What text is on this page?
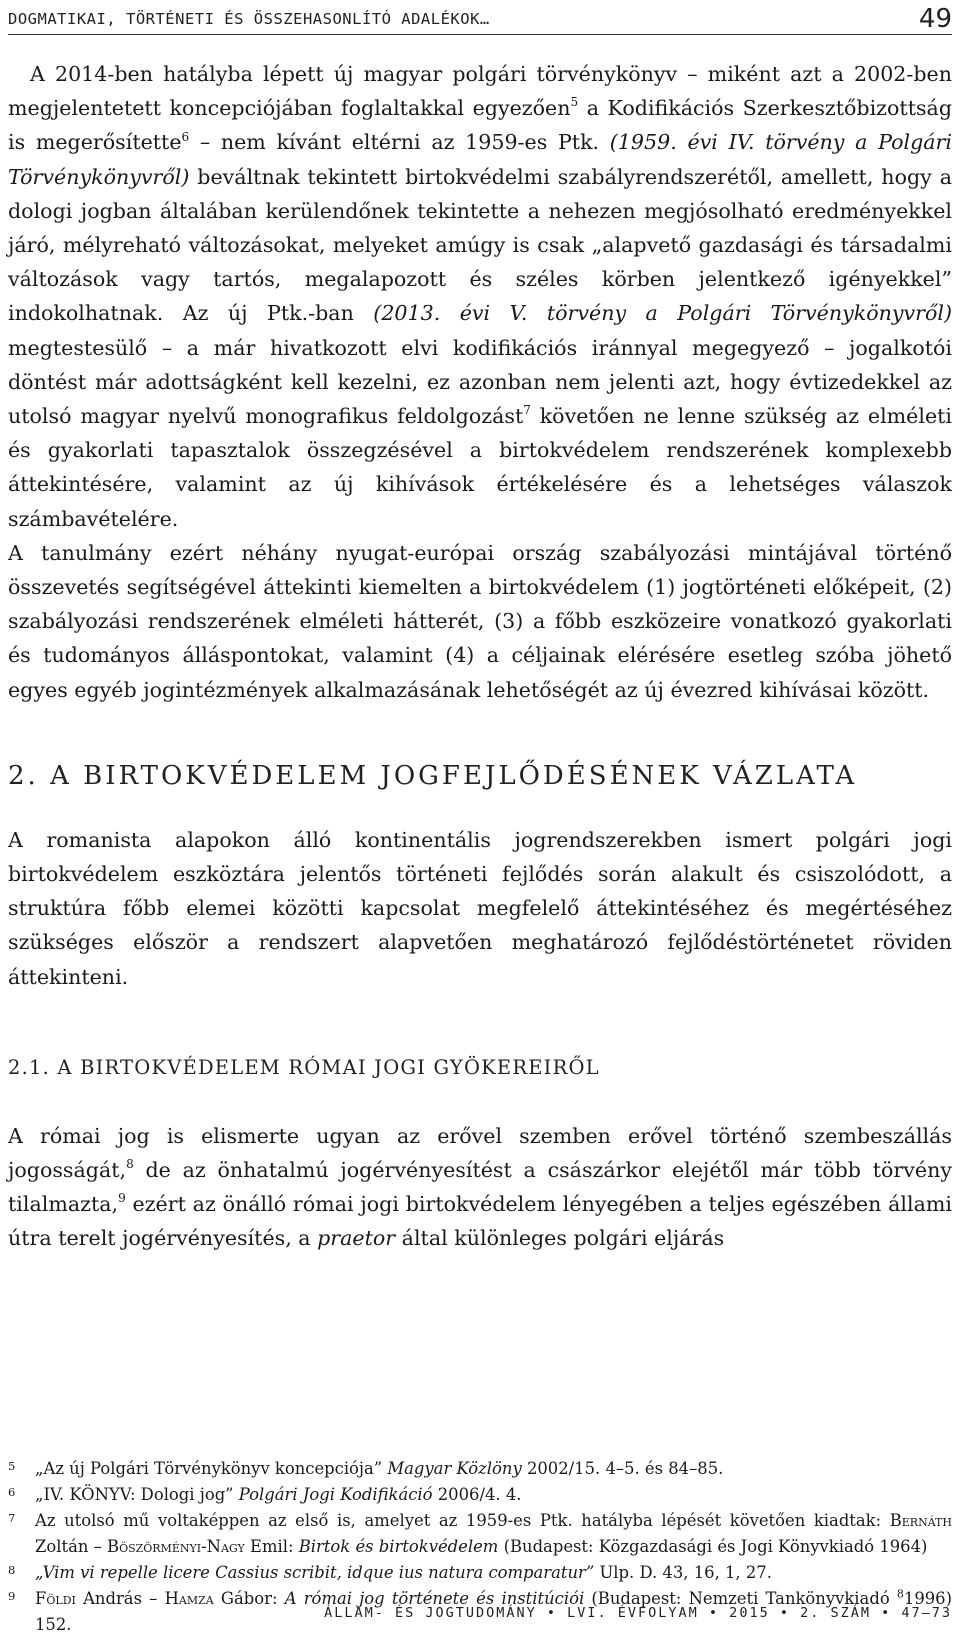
DOGMATIKAI, TÖRTÉNETI ÉS ÖSSZEHASONLÍTÓ ADALÉKOK…	49

A 2014-ben hatályba lépett új magyar polgári törvénykönyv – miként azt a 2002-ben megjelentetett koncepciójában foglaltakkal egyezően$^5$ a Kodifikációs Szerkesztőbizottság is megerősítette$^6$ – nem kívánt eltérni az 1959-es Ptk. (1959. évi IV. törvény a Polgári Törvénykönyvről) beváltnak tekintett birtokvédelmi szabályrendszerétől, amellett, hogy a dologi jogban általában kerülendőnek tekintette a nehezen megjósolható eredményekkel járó, mélyreható változásokat, melyeket amúgy is csak „alapvető gazdasági és társadalmi változások vagy tartós, megalapozott és széles körben jelentkező igényekkel” indokolhatnak. Az új Ptk.-ban (2013. évi V. törvény a Polgári Törvénykönyvről) megtestesülő – a már hivatkozott elvi kodifikációs iránnyal megegyező – jogalkotói döntést már adottságként kell kezelni, ez azonban nem jelenti azt, hogy évtizedekkel az utolsó magyar nyelvű monografikus feldolgozást$^7$ követően ne lenne szükség az elméleti és gyakorlati tapasztalok összegzésével a birtokvédelem rendszerének komplexebb áttekintésére, valamint az új kihívások értékelésére és a lehetséges válaszok számbavételére.

A tanulmány ezért néhány nyugat-európai ország szabályozási mintájával történő összevetés segítségével áttekinti kiemelten a birtokvédelem (1) jogtörténeti előképeit, (2) szabályozási rendszerének elméleti hátterét, (3) a főbb eszközeire vonatkozó gyakorlati és tudományos álláspontokat, valamint (4) a céljainak elérésére esetleg szóba jöhető egyes egyéb jogintézmények alkalmazásának lehetőségét az új évezred kihívásai között.

2. A BIRTOKVÉDELEM JOGFEJLŐDÉSÉNEK VÁZLATA

A romanista alapokon álló kontinentális jogrendszerekben ismert polgári jogi birtokvédelem eszköztára jelentős történeti fejlődés során alakult és csiszolódott, a struktúra főbb elemei közötti kapcsolat megfelelő áttekintéséhez és megértéséhez szükséges először a rendszert alapvetően meghatározó fejlődéstörténetet röviden áttekinteni.

2.1. A BIRTOKVÉDELEM RÓMAI JOGI GYÖKEREIRŐL

A római jog is elismerte ugyan az erővel szemben erővel történő szembeszállás jogosságát,$^8$ de az önhatalmú jogérvényesítést a császárkor elejétől már több törvény tilalmazta,$^9$ ezért az önálló római jogi birtokvédelem lényegében a teljes egészében állami útra terelt jogérvényesítés, a praetor által különleges polgári eljárás

5 „Az új Polgári Törvénykönyv koncepciója” Magyar Közlöny 2002/15. 4–5. és 84–85.
6 „IV. KÖNYV: Dologi jog” Polgári Jogi Kodifikáció 2006/4. 4.
7 Az utolsó mű voltaképpen az első is, amelyet az 1959-es Ptk. hatályba lépését követően kiadtak: Bernáth Zoltán – Böszörményi-Nagy Emil: Birtok és birtokvédelem (Budapest: Közgazdasági és Jogi Könyvkiadó 1964)
8 „Vim vi repelle licere Cassius scribit, idque ius natura comparatur” Ulp. D. 43, 16, 1, 27.
9 Földi András – Hamza Gábor: A római jog története és institúciói (Budapest: Nemzeti Tankönyvkiadó $^8$1996) 152.
ÁLLAM- ÉS JOGTUDOMÁNY • LVI. ÉVFOLYAM • 2015 • 2. SZÁM • 47–73
